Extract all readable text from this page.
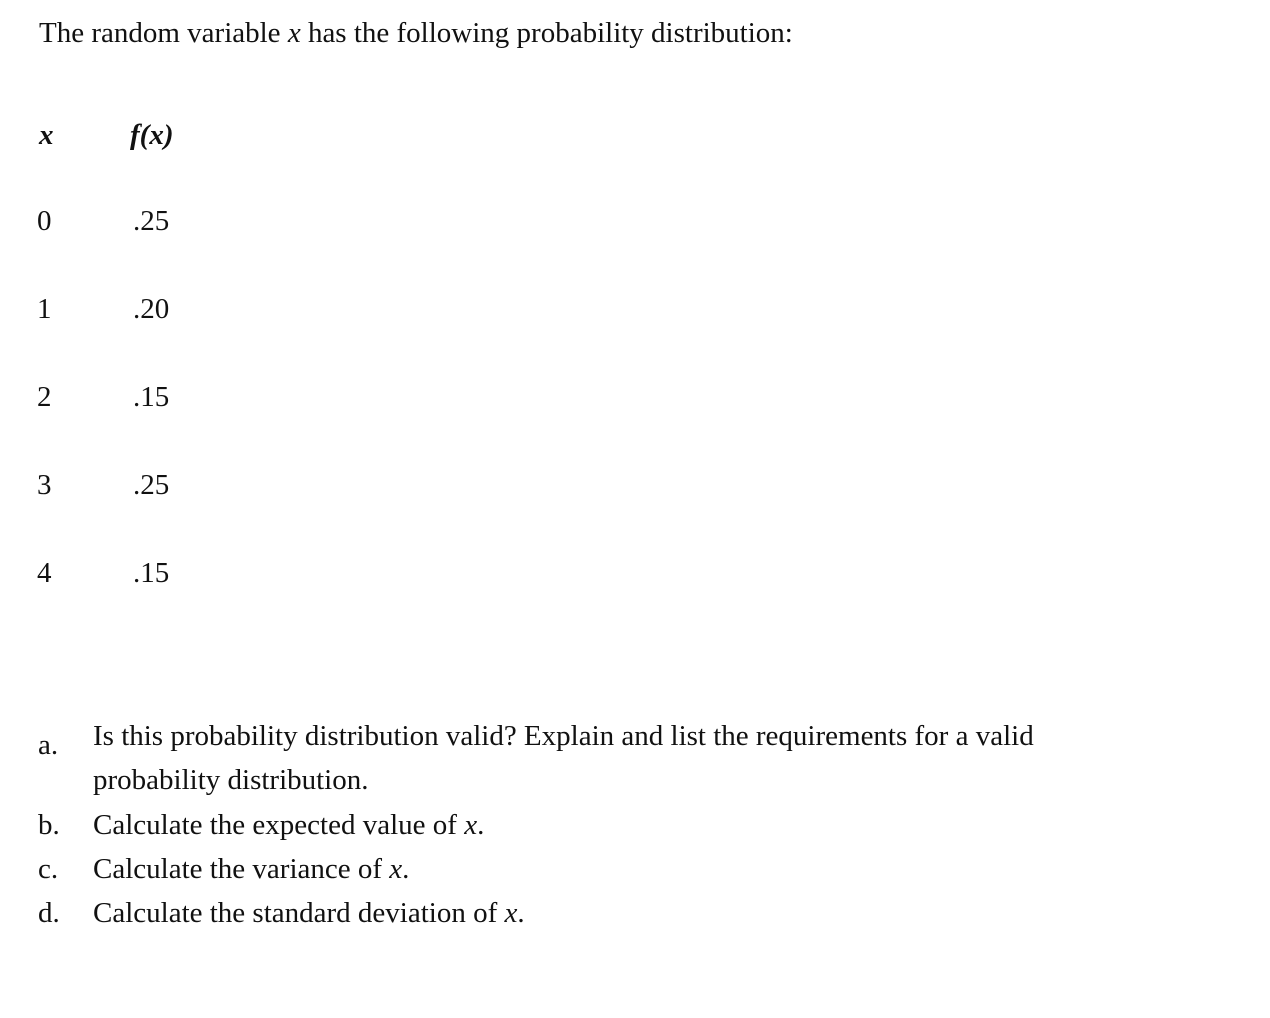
The random variable x has the following probability distribution:
x	f(x)
0	.25
1	.20
2	.15
3	.25
4	.15
a. Is this probability distribution valid? Explain and list the requirements for a valid probability distribution.
b. Calculate the expected value of x.
c. Calculate the variance of x.
d. Calculate the standard deviation of x.
